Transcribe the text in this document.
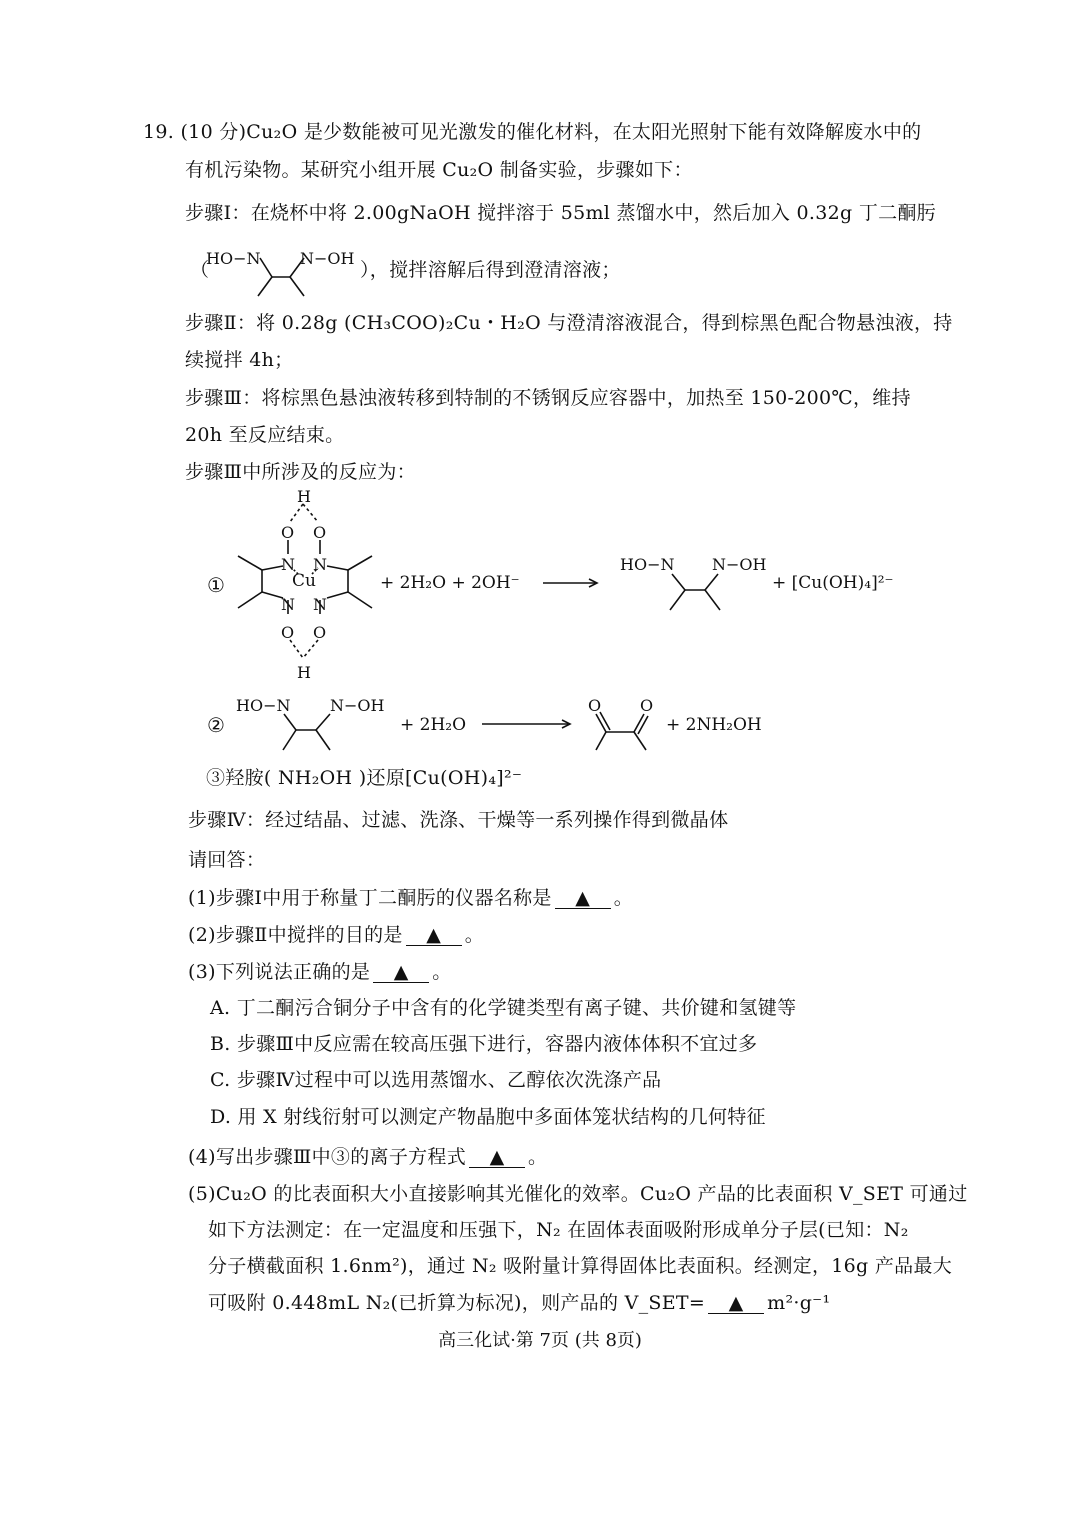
19. (10 分)Cu₂O 是少数能被可见光激发的催化材料，在太阳光照射下能有效降解废水中的
有机污染物。某研究小组开展 Cu₂O 制备实验，步骤如下：
步骤Ⅰ：在烧杯中将 2.00gNaOH 搅拌溶于 55ml 蒸馏水中，然后加入 0.32g 丁二酮肟
（	），搅拌溶解后得到澄清溶液；
步骤Ⅱ：将 0.28g (CH₃COO)₂Cu・H₂O 与澄清溶液混合，得到棕黑色配合物悬浊液，持
续搅拌 4h；
步骤Ⅲ：将棕黑色悬浊液转移到特制的不锈钢反应容器中，加热至 150-200℃，维持
20h 至反应结束。
步骤Ⅲ中所涉及的反应为：
HO−N N−OH
①
H
O O
N N
Cu
N N
O O
H
+ 2H₂O + 2OH⁻
HO−N N−OH
+ [Cu(OH)₄]²⁻
②
HO−N N−OH
+ 2H₂O
O O
+ 2NH₂OH
③羟胺( NH₂OH )还原[Cu(OH)₄]²⁻
步骤Ⅳ：经过结晶、过滤、洗涤、干燥等一系列操作得到微晶体
请回答：
(1)步骤Ⅰ中用于称量丁二酮肟的仪器名称是 ▲ 。
(2)步骤Ⅱ中搅拌的目的是 ▲ 。
(3)下列说法正确的是 ▲ 。
A. 丁二酮污合铜分子中含有的化学键类型有离子键、共价键和氢键等
B. 步骤Ⅲ中反应需在较高压强下进行，容器内液体体积不宜过多
C. 步骤Ⅳ过程中可以选用蒸馏水、乙醇依次洗涤产品
D. 用 X 射线衍射可以测定产物晶胞中多面体笼状结构的几何特征
(4)写出步骤Ⅲ中③的离子方程式 ▲ 。
(5)Cu₂O 的比表面积大小直接影响其光催化的效率。Cu₂O 产品的比表面积 V_SET 可通过
如下方法测定：在一定温度和压强下，N₂ 在固体表面吸附形成单分子层(已知：N₂
分子横截面积 1.6nm²)，通过 N₂ 吸附量计算得固体比表面积。经测定，16g 产品最大
可吸附 0.448mL N₂(已折算为标况)，则产品的 V_SET= ▲ m²·g⁻¹
高三化试·第 7页 (共 8页)
